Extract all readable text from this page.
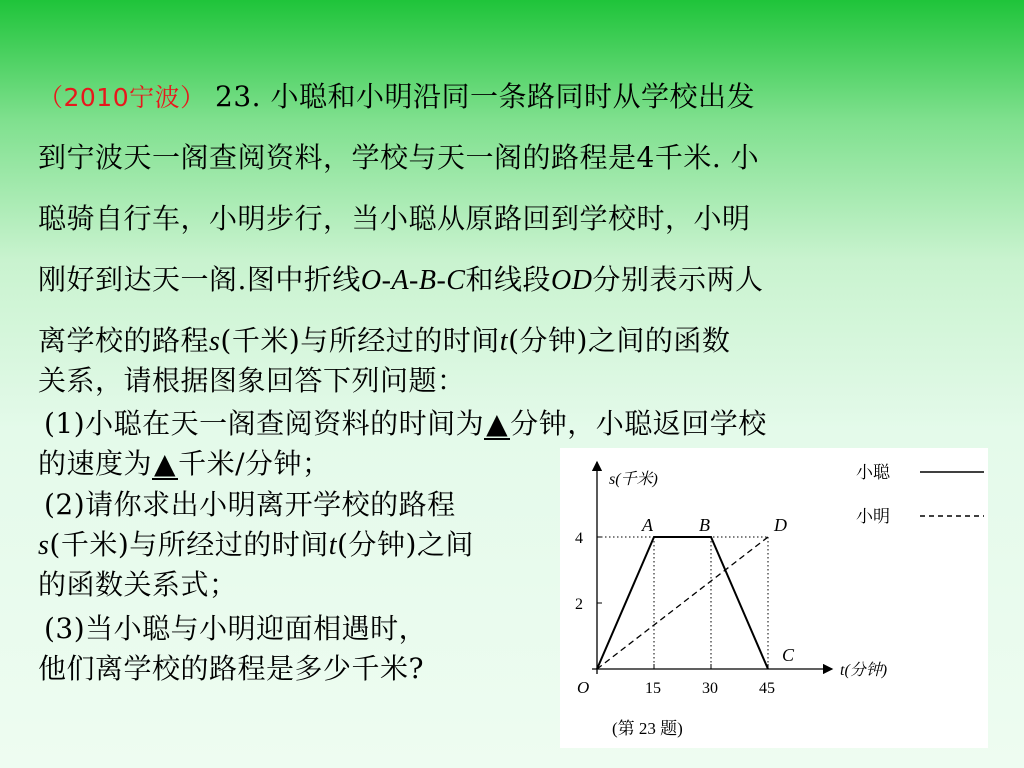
（2010宁波） 23. 小聪和小明沿同一条路同时从学校出发

到宁波天一阁查阅资料，学校与天一阁的路程是4千米. 小

聪骑自行车，小明步行，当小聪从原路回到学校时，小明

刚好到达天一阁.图中折线O-A-B-C和线段OD分别表示两人

离学校的路程s(千米)与所经过的时间t(分钟)之间的函数

关系，请根据图象回答下列问题：

(1)小聪在天一阁查阅资料的时间为▲分钟，小聪返回学校

的速度为▲千米/分钟；

(2)请你求出小明离开学校的路程

s(千米)与所经过的时间t(分钟)之间

的函数关系式；

(3)当小聪与小明迎面相遇时，

他们离学校的路程是多少千米?

s(千米)
t(分钟)
15	30	45
2
4
O
A	B	D
C
小聪
小明
(第 23 题)
